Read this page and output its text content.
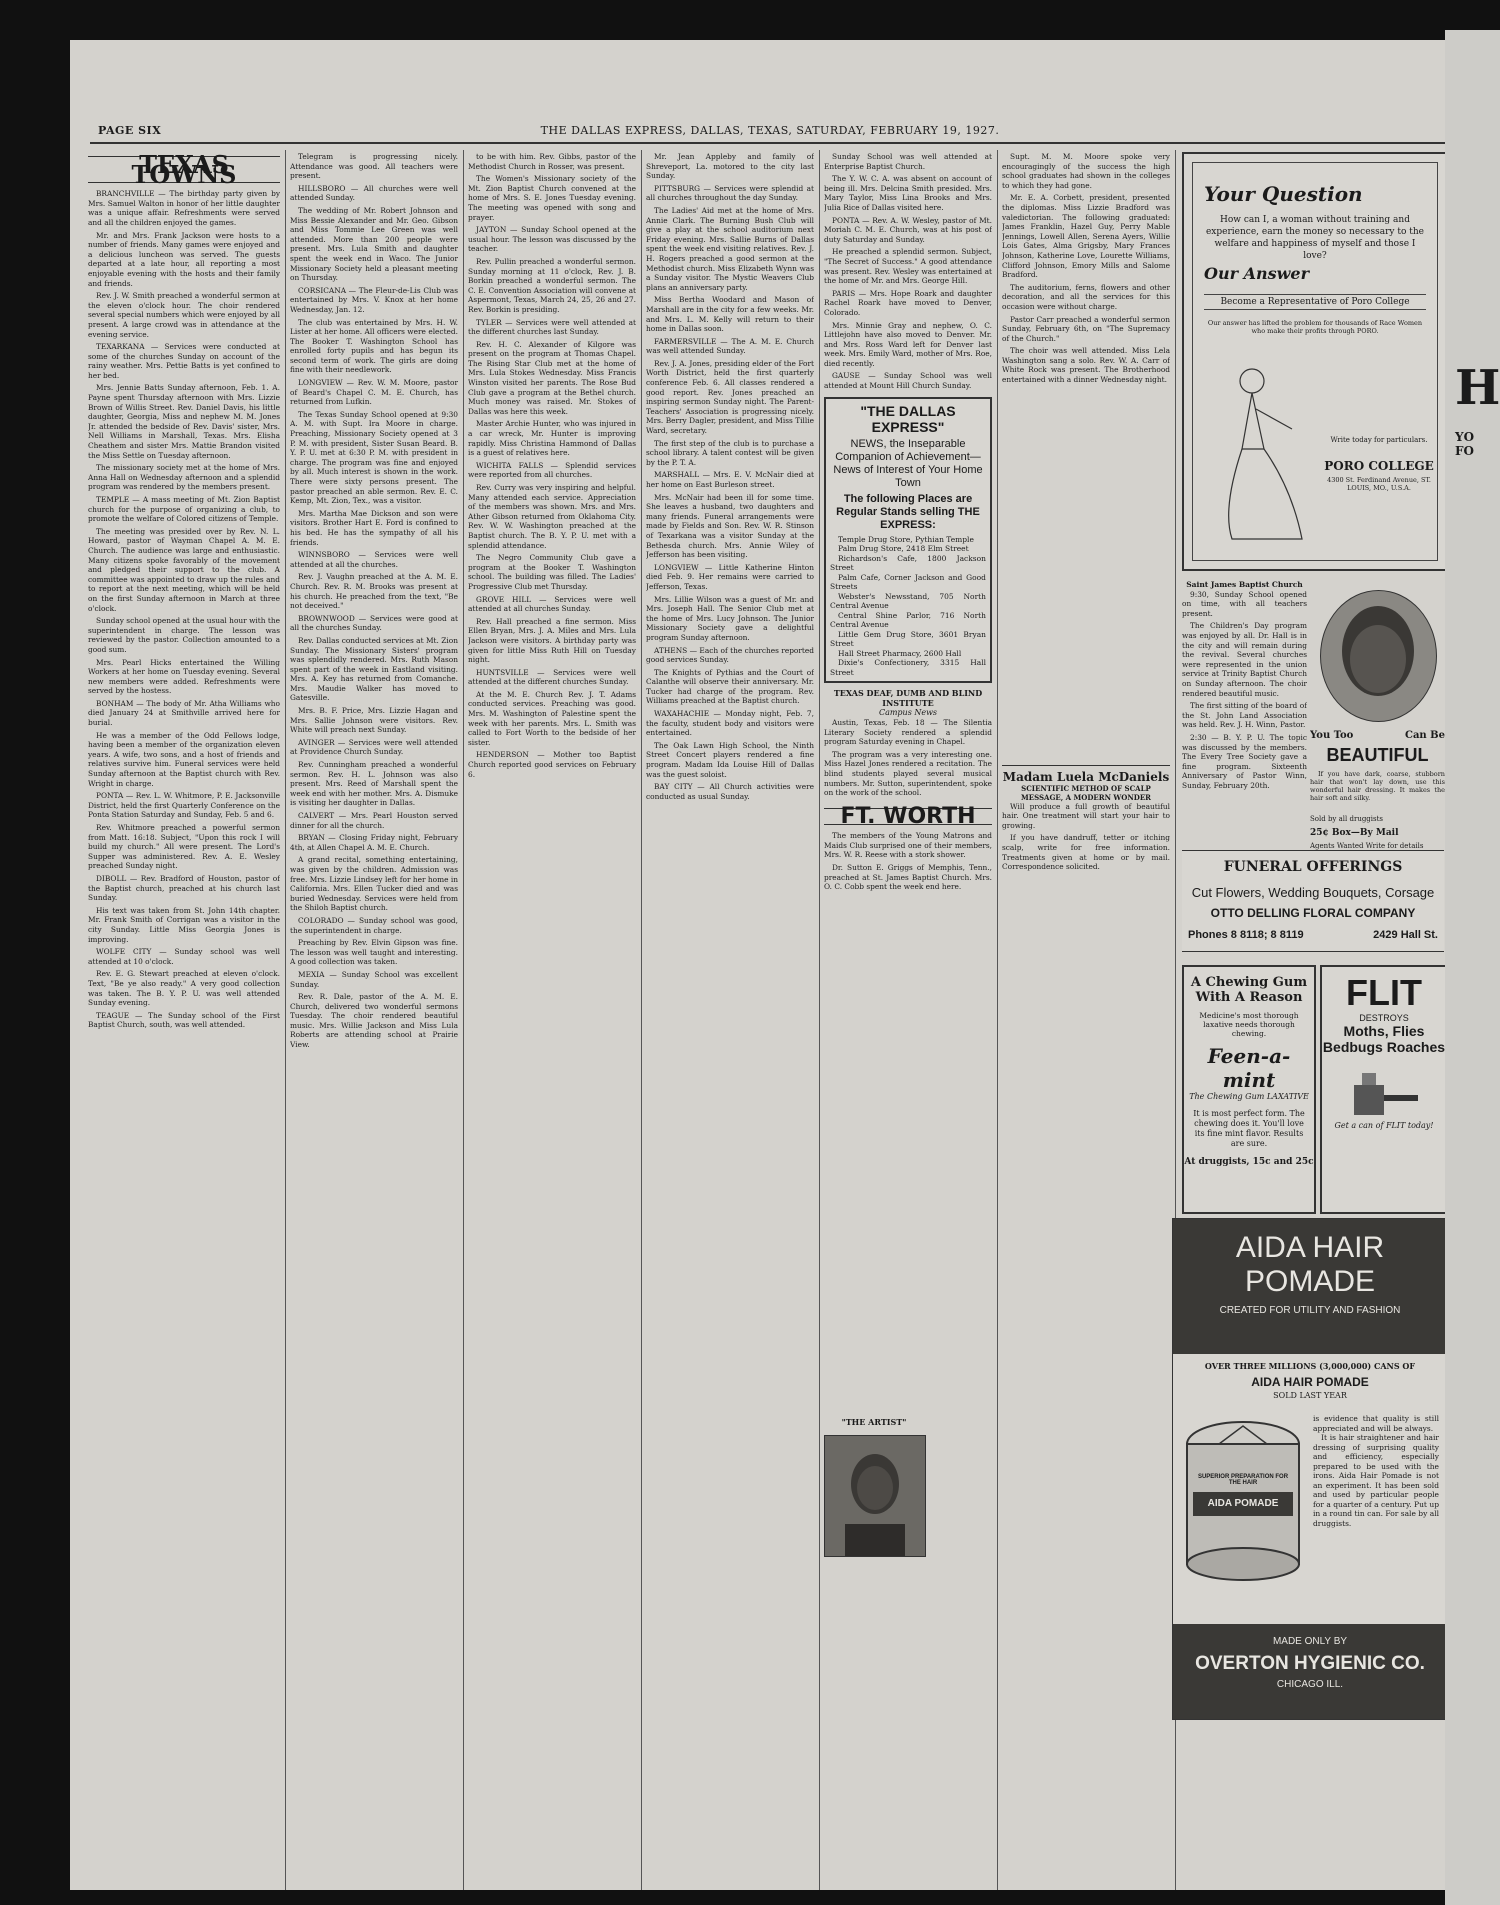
PAGE SIX	THE DALLAS EXPRESS, DALLAS, TEXAS, SATURDAY, FEBRUARY 19, 1927.
TEXAS TOWNS

BRANCHVILLE — The birthday party given by Mrs. Samuel Walton in honor of her little daughter was a unique affair. Refreshments were served and all the children enjoyed the games.

Mr. and Mrs. Frank Jackson were hosts to a number of friends. Many games were enjoyed and a delicious luncheon was served. The guests departed at a late hour, all reporting a most enjoyable evening with the hosts and their family and friends.

Rev. J. W. Smith preached a wonderful sermon at the eleven o'clock hour. The choir rendered several special numbers which were enjoyed by all present. A large crowd was in attendance at the evening service.

TEXARKANA — Services were conducted at some of the churches Sunday on account of the rainy weather. Mrs. Pettie Batts is yet confined to her bed.

Mrs. Jennie Batts Sunday afternoon, Feb. 1. A. Payne spent Thursday afternoon with Mrs. Lizzie Brown of Willis Street. Rev. Daniel Davis, his little daughter, Georgia, Miss and nephew M. M. Jones Jr. attended the bedside of Rev. Davis' sister, Mrs. Nell Williams in Marshall, Texas. Mrs. Elisha Cheathem and sister Mrs. Mattie Brandon visited the Miss Settle on Tuesday afternoon.

The missionary society met at the home of Mrs. Anna Hall on Wednesday afternoon and a splendid program was rendered by the members present.

TEMPLE — A mass meeting of Mt. Zion Baptist church for the purpose of organizing a club, to promote the welfare of Colored citizens of Temple.

The meeting was presided over by Rev. N. L. Howard, pastor of Wayman Chapel A. M. E. Church. The audience was large and enthusiastic. Many citizens spoke favorably of the movement and pledged their support to the club. A committee was appointed to draw up the rules and to report at the next meeting, which will be held on the first Sunday afternoon in March at three o'clock.

Sunday school opened at the usual hour with the superintendent in charge. The lesson was reviewed by the pastor. Collection amounted to a good sum.

Mrs. Pearl Hicks entertained the Willing Workers at her home on Tuesday evening. Several new members were added. Refreshments were served by the hostess.

BONHAM — The body of Mr. Atha Williams who died January 24 at Smithville arrived here for burial.

He was a member of the Odd Fellows lodge, having been a member of the organization eleven years. A wife, two sons, and a host of friends and relatives survive him. Funeral services were held Sunday afternoon at the Baptist church with Rev. Wright in charge.

PONTA — Rev. L. W. Whitmore, P. E. Jacksonville District, held the first Quarterly Conference on the Ponta Station Saturday and Sunday, Feb. 5 and 6.

Rev. Whitmore preached a powerful sermon from Matt. 16:18. Subject, "Upon this rock I will build my church." All were present. The Lord's Supper was administered. Rev. A. E. Wesley preached Sunday night.

DIBOLL — Rev. Bradford of Houston, pastor of the Baptist church, preached at his church last Sunday.

His text was taken from St. John 14th chapter. Mr. Frank Smith of Corrigan was a visitor in the city Sunday. Little Miss Georgia Jones is improving.

WOLFE CITY — Sunday school was well attended at 10 o'clock.

Rev. E. G. Stewart preached at eleven o'clock. Text, "Be ye also ready." A very good collection was taken. The B. Y. P. U. was well attended Sunday evening.

TEAGUE — The Sunday school of the First Baptist Church, south, was well attended.

Telegram is progressing nicely. Attendance was good. All teachers were present.

HILLSBORO — All churches were well attended Sunday.

The wedding of Mr. Robert Johnson and Miss Bessie Alexander and Mr. Geo. Gibson and Miss Tommie Lee Green was well attended. More than 200 people were present. Mrs. Lula Smith and daughter spent the week end in Waco. The Junior Missionary Society held a pleasant meeting on Thursday.

CORSICANA — The Fleur-de-Lis Club was entertained by Mrs. V. Knox at her home Wednesday, Jan. 12.

The club was entertained by Mrs. H. W. Lister at her home. All officers were elected. The Booker T. Washington School has enrolled forty pupils and has begun its second term of work. The girls are doing fine with their needlework.

LONGVIEW — Rev. W. M. Moore, pastor of Beard's Chapel C. M. E. Church, has returned from Lufkin.

The Texas Sunday School opened at 9:30 A. M. with Supt. Ira Moore in charge. Preaching, Missionary Society opened at 3 P. M. with president, Sister Susan Beard. B. Y. P. U. met at 6:30 P. M. with president in charge. The program was fine and enjoyed by all. Much interest is shown in the work. There were sixty persons present. The pastor preached an able sermon. Rev. E. C. Kemp, Mt. Zion, Tex., was a visitor.

Mrs. Martha Mae Dickson and son were visitors. Brother Hart E. Ford is confined to his bed. He has the sympathy of all his friends.

WINNSBORO — Services were well attended at all the churches.

Rev. J. Vaughn preached at the A. M. E. Church. Rev. R. M. Brooks was present at his church. He preached from the text, "Be not deceived."

BROWNWOOD — Services were good at all the churches Sunday.

Rev. Dallas conducted services at Mt. Zion Sunday. The Missionary Sisters' program was splendidly rendered. Mrs. Ruth Mason spent part of the week in Eastland visiting. Mrs. A. Key has returned from Comanche. Mrs. Maudie Walker has moved to Gatesville.

Mrs. B. F. Price, Mrs. Lizzie Hagan and Mrs. Sallie Johnson were visitors. Rev. White will preach next Sunday.

AVINGER — Services were well attended at Providence Church Sunday.

Rev. Cunningham preached a wonderful sermon. Rev. H. L. Johnson was also present. Mrs. Reed of Marshall spent the week end with her mother. Mrs. A. Dismuke is visiting her daughter in Dallas.

CALVERT — Mrs. Pearl Houston served dinner for all the church.

BRYAN — Closing Friday night, February 4th, at Allen Chapel A. M. E. Church.

A grand recital, something entertaining, was given by the children. Admission was free. Mrs. Lizzie Lindsey left for her home in California. Mrs. Ellen Tucker died and was buried Wednesday. Services were held from the Shiloh Baptist church.

COLORADO — Sunday school was good, the superintendent in charge.

Preaching by Rev. Elvin Gipson was fine. The lesson was well taught and interesting. A good collection was taken.

MEXIA — Sunday School was excellent Sunday.

Rev. R. Dale, pastor of the A. M. E. Church, delivered two wonderful sermons Tuesday. The choir rendered beautiful music. Mrs. Willie Jackson and Miss Lula Roberts are attending school at Prairie View.

to be with him. Rev. Gibbs, pastor of the Methodist Church in Rosser, was present.

The Women's Missionary society of the Mt. Zion Baptist Church convened at the home of Mrs. S. E. Jones Tuesday evening. The meeting was opened with song and prayer.

JAYTON — Sunday School opened at the usual hour. The lesson was discussed by the teacher.

Rev. Pullin preached a wonderful sermon. Sunday morning at 11 o'clock, Rev. J. B. Borkin preached a wonderful sermon. The C. E. Convention Association will convene at Aspermont, Texas, March 24, 25, 26 and 27. Rev. Borkin is presiding.

TYLER — Services were well attended at the different churches last Sunday.

Rev. H. C. Alexander of Kilgore was present on the program at Thomas Chapel. The Rising Star Club met at the home of Mrs. Lula Stokes Wednesday. Miss Francis Winston visited her parents. The Rose Bud Club gave a program at the Bethel church. Much money was raised. Mr. Stokes of Dallas was here this week.

Master Archie Hunter, who was injured in a car wreck, Mr. Hunter is improving rapidly. Miss Christina Hammond of Dallas is a guest of relatives here.

WICHITA FALLS — Splendid services were reported from all churches.

Rev. Curry was very inspiring and helpful. Many attended each service. Appreciation of the members was shown. Mrs. and Mrs. Ather Gibson returned from Oklahoma City. Rev. W. W. Washington preached at the Baptist church. The B. Y. P. U. met with a splendid attendance.

The Negro Community Club gave a program at the Booker T. Washington school. The building was filled. The Ladies' Progressive Club met Thursday.

GROVE HILL — Services were well attended at all churches Sunday.

Rev. Hall preached a fine sermon. Miss Ellen Bryan, Mrs. J. A. Miles and Mrs. Lula Jackson were visitors. A birthday party was given for little Miss Ruth Hill on Tuesday night.

HUNTSVILLE — Services were well attended at the different churches Sunday.

At the M. E. Church Rev. J. T. Adams conducted services. Preaching was good. Mrs. M. Washington of Palestine spent the week with her parents. Mrs. L. Smith was called to Fort Worth to the bedside of her sister.

HENDERSON — Mother too Baptist Church reported good services on February 6.

Mr. Jean Appleby and family of Shreveport, La. motored to the city last Sunday.

PITTSBURG — Services were splendid at all churches throughout the day Sunday.

The Ladies' Aid met at the home of Mrs. Annie Clark. The Burning Bush Club will give a play at the school auditorium next Friday evening. Mrs. Sallie Burns of Dallas spent the week end visiting relatives. Rev. J. H. Rogers preached a good sermon at the Methodist church. Miss Elizabeth Wynn was a Sunday visitor. The Mystic Weavers Club plans an anniversary party.

Miss Bertha Woodard and Mason of Marshall are in the city for a few weeks. Mr. and Mrs. L. M. Kelly will return to their home in Dallas soon.

FARMERSVILLE — The A. M. E. Church was well attended Sunday.

Rev. J. A. Jones, presiding elder of the Fort Worth District, held the first quarterly conference Feb. 6. All classes rendered a good report. Rev. Jones preached an inspiring sermon Sunday night. The Parent-Teachers' Association is progressing nicely. Mrs. Berry Dagler, president, and Miss Tillie Ward, secretary.

The first step of the club is to purchase a school library. A talent contest will be given by the P. T. A.

MARSHALL — Mrs. E. V. McNair died at her home on East Burleson street.

Mrs. McNair had been ill for some time. She leaves a husband, two daughters and many friends. Funeral arrangements were made by Fields and Son. Rev. W. R. Stinson of Texarkana was a visitor Sunday at the Bethesda church. Mrs. Annie Wiley of Jefferson has been visiting.

LONGVIEW — Little Katherine Hinton died Feb. 9. Her remains were carried to Jefferson, Texas.

Mrs. Lillie Wilson was a guest of Mr. and Mrs. Joseph Hall. The Senior Club met at the home of Mrs. Lucy Johnson. The Junior Missionary Society gave a delightful program Sunday afternoon.

ATHENS — Each of the churches reported good services Sunday.

The Knights of Pythias and the Court of Calanthe will observe their anniversary. Mr. Tucker had charge of the program. Rev. Williams preached at the Baptist church.

WAXAHACHIE — Monday night, Feb. 7, the faculty, student body and visitors were entertained.

The Oak Lawn High School, the Ninth Street Concert players rendered a fine program. Madam Ida Louise Hill of Dallas was the guest soloist.

BAY CITY — All Church activities were conducted as usual Sunday.

Sunday School was well attended at Enterprise Baptist Church.

The Y. W. C. A. was absent on account of being ill. Mrs. Delcina Smith presided. Mrs. Mary Taylor, Miss Lina Brooks and Mrs. Julia Rice of Dallas visited here.

PONTA — Rev. A. W. Wesley, pastor of Mt. Moriah C. M. E. Church, was at his post of duty Saturday and Sunday.

He preached a splendid sermon. Subject, "The Secret of Success." A good attendance was present. Rev. Wesley was entertained at the home of Mr. and Mrs. George Hill.

PARIS — Mrs. Hope Roark and daughter Rachel Roark have moved to Denver, Colorado.

Mrs. Minnie Gray and nephew, O. C. Littlejohn have also moved to Denver. Mr. and Mrs. Ross Ward left for Denver last week. Mrs. Emily Ward, mother of Mrs. Roe, died recently.

GAUSE — Sunday School was well attended at Mount Hill Church Sunday.

"THE DALLAS EXPRESS"
NEWS, the Inseparable Companion of Achievement—News of Interest of Your Home Town
The following Places are Regular Stands selling THE EXPRESS:
Temple Drug Store, Pythian Temple
Palm Drug Store, 2418 Elm Street
Richardson's Cafe, 1800 Jackson Street
Palm Cafe, Corner Jackson and Good Streets
Webster's Newsstand, 705 North Central Avenue
Central Shine Parlor, 716 North Central Avenue
Little Gem Drug Store, 3601 Bryan Street
Hall Street Pharmacy, 2600 Hall
Dixie's Confectionery, 3315 Hall Street
TEXAS DEAF, DUMB AND BLIND INSTITUTE
Campus News

Austin, Texas, Feb. 18 — The Silentia Literary Society rendered a splendid program Saturday evening in Chapel.

The program was a very interesting one. Miss Hazel Jones rendered a recitation. The blind students played several musical numbers. Mr. Sutton, superintendent, spoke on the work of the school.

FT. WORTH

The members of the Young Matrons and Maids Club surprised one of their members, Mrs. W. R. Reese with a stork shower.

Dr. Sutton E. Griggs of Memphis, Tenn., preached at St. James Baptist Church. Mrs. O. C. Cobb spent the week end here.

Supt. M. M. Moore spoke very encouragingly of the success the high school graduates had shown in the colleges to which they had gone.

Mr. E. A. Corbett, president, presented the diplomas. Miss Lizzie Bradford was valedictorian. The following graduated: James Franklin, Hazel Guy, Perry Mable Jennings, Lowell Allen, Serena Ayers, Willie Lois Gates, Alma Grigsby, Mary Frances Johnson, Katherine Love, Lourette Williams, Clifford Johnson, Emory Mills and Salome Bradford.

The auditorium, ferns, flowers and other decoration, and all the services for this occasion were without charge.

Pastor Carr preached a wonderful sermon Sunday, February 6th, on "The Supremacy of the Church."

The choir was well attended. Miss Lela Washington sang a solo. Rev. W. A. Carr of White Rock was present. The Brotherhood entertained with a dinner Wednesday night.

Madam Luela McDaniels
SCIENTIFIC METHOD OF SCALP MESSAGE, A MODERN WONDER

Will produce a full growth of beautiful hair. One treatment will start your hair to growing.

If you have dandruff, tetter or itching scalp, write for free information. Treatments given at home or by mail. Correspondence solicited.

"THE ARTIST"
Your Question
How can I, a woman without training and experience, earn the money so necessary to the welfare and happiness of myself and those I love?
Our Answer
Become a Representative of Poro College
Our answer has lifted the problem for thousands of Race Women who make their profits through PORO.
Write today for particulars.
PORO COLLEGE
4300 St. Ferdinand Avenue, ST. LOUIS, MO., U.S.A.
Saint James Baptist Church

9:30, Sunday School opened on time, with all teachers present.

The Children's Day program was enjoyed by all. Dr. Hall is in the city and will remain during the revival. Several churches were represented in the union service at Trinity Baptist Church on Sunday afternoon. The choir rendered beautiful music.

The first sitting of the board of the St. John Land Association was held. Rev. J. H. Winn, Pastor.

2:30 — B. Y. P. U. The topic was discussed by the members. The Every Tree Society gave a fine program. Sixteenth Anniversary of Pastor Winn, Sunday, February 20th.

You Too	Can Be
BEAUTIFUL

If you have dark, coarse, stubborn hair that won't lay down, use this wonderful hair dressing. It makes the hair soft and silky.

Sold by all druggists
25¢ Box—By Mail
Agents Wanted Write for details
FUNERAL OFFERINGS
Cut Flowers, Wedding Bouquets, Corsage
OTTO DELLING FLORAL COMPANY
Phones 8 8118; 8 8119	2429 Hall St.
A Chewing Gum With A Reason
Medicine's most thorough laxative needs thorough chewing.
Feen-a-mint
The Chewing Gum LAXATIVE
It is most perfect form. The chewing does it. You'll love its fine mint flavor. Results are sure.
At druggists, 15c and 25c
FLIT
DESTROYS
Moths, Flies Bedbugs Roaches
Get a can of FLIT today!
AIDA HAIR
POMADE
CREATED FOR UTILITY AND FASHION
OVER THREE MILLIONS (3,000,000) CANS OF
AIDA HAIR POMADE
SOLD LAST YEAR
SUPERIOR PREPARATION FOR THE HAIR
AIDA POMADE
is evidence that quality is still appreciated and will be always.

It is hair straightener and hair dressing of surprising quality and efficiency, especially prepared to be used with the irons. Aida Hair Pomade is not an experiment. It has been sold and used by particular people for a quarter of a century. Put up in a round tin can. For sale by all druggists.

MADE ONLY BY
OVERTON HYGIENIC CO.
CHICAGO ILL.
H
YO FO
